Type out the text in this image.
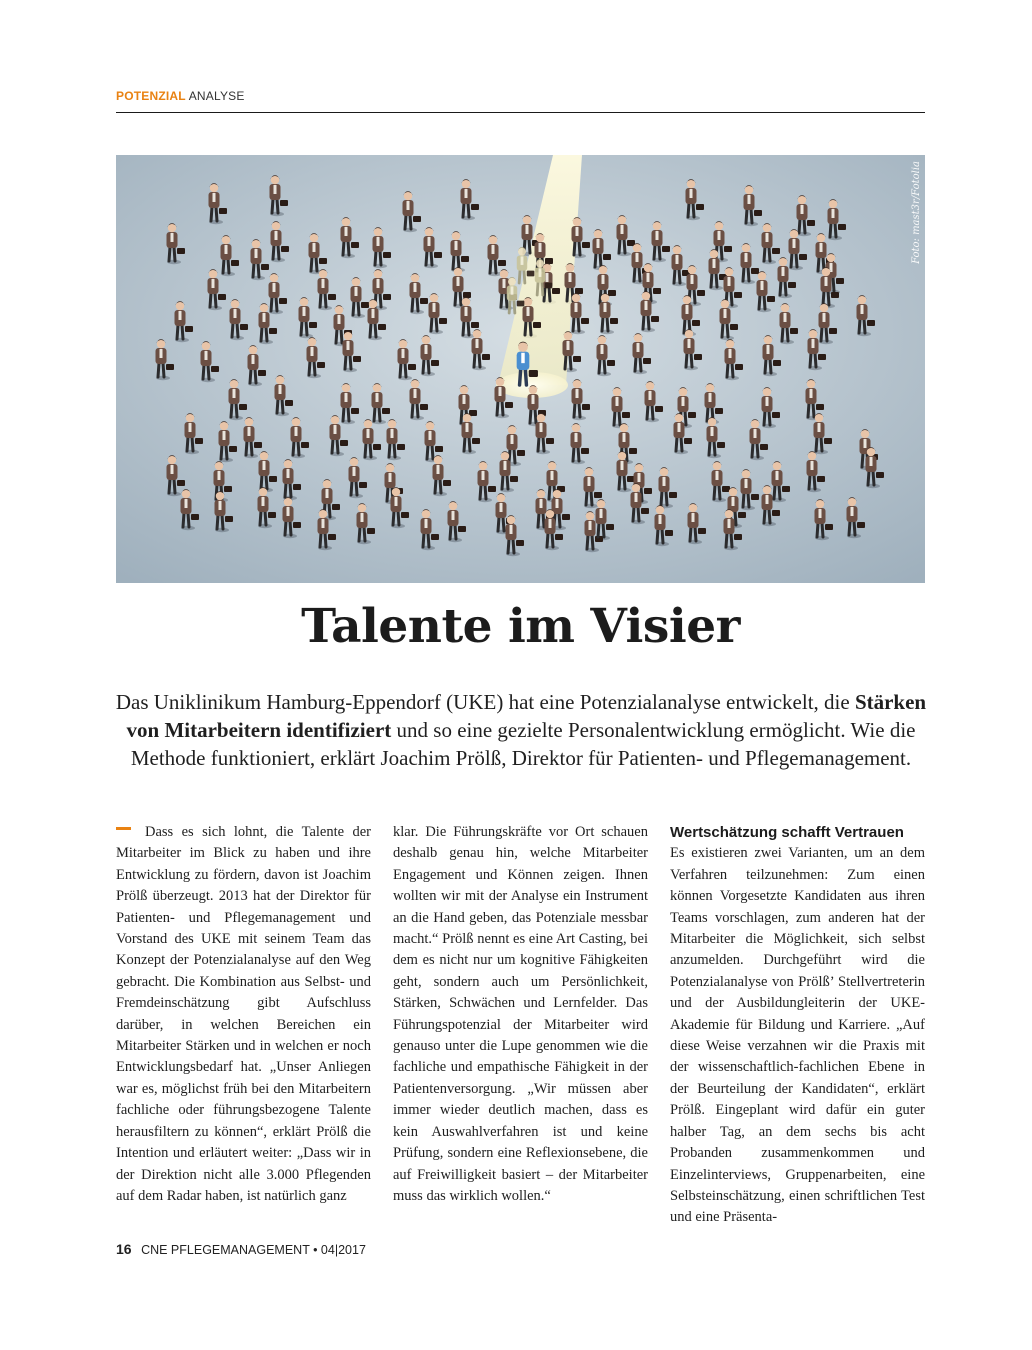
POTENZIAL ANALYSE
Foto: mast3r/Fotolia
Talente im Visier
Das Uniklinikum Hamburg-Eppendorf (UKE) hat eine Potenzialanalyse entwickelt, die Stärken von Mitarbeitern identifiziert und so eine gezielte Personalentwicklung ermöglicht. Wie die Methode funktioniert, erklärt Joachim Prölß, Direktor für Patienten- und Pflegemanagement.

Dass es sich lohnt, die Talente der Mitarbeiter im Blick zu haben und ihre Entwicklung zu fördern, davon ist Joachim Prölß überzeugt. 2013 hat der Direktor für Patienten- und Pflegemanagement und Vorstand des UKE mit seinem Team das Konzept der Potenzialanalyse auf den Weg gebracht. Die Kombination aus Selbst- und Fremdeinschätzung gibt Aufschluss darüber, in welchen Bereichen ein Mitarbeiter Stärken und in welchen er noch Entwicklungsbedarf hat. „Unser Anliegen war es, möglichst früh bei den Mitarbeitern fachliche oder führungsbezogene Talente herausfiltern zu können“, erklärt Prölß die Intention und erläutert weiter: „Dass wir in der Direktion nicht alle 3.000 Pflegenden auf dem Radar haben, ist natürlich ganz

klar. Die Führungskräfte vor Ort schauen deshalb genau hin, welche Mitarbeiter Engagement und Können zeigen. Ihnen wollten wir mit der Analyse ein Instrument an die Hand geben, das Potenziale messbar macht.“ Prölß nennt es eine Art Casting, bei dem es nicht nur um kognitive Fähigkeiten geht, sondern auch um Persönlichkeit, Stärken, Schwächen und Lernfelder. Das Führungspotenzial der Mitarbeiter wird genauso unter die Lupe genommen wie die fachliche und empathische Fähigkeit in der Patientenversorgung. „Wir müssen aber immer wieder deutlich machen, dass es kein Auswahlverfahren ist und keine Prüfung, sondern eine Reflexionsebene, die auf Freiwilligkeit basiert – der Mitarbeiter muss das wirklich wollen.“

Wertschätzung schafft Vertrauen

Es existieren zwei Varianten, um an dem Verfahren teilzunehmen: Zum einen können Vorgesetzte Kandidaten aus ihren Teams vorschlagen, zum anderen hat der Mitarbeiter die Möglichkeit, sich selbst anzumelden. Durchgeführt wird die Potenzialanalyse von Prölß’ Stellvertreterin und der Ausbildungleiterin der UKE-Akademie für Bildung und Karriere. „Auf diese Weise verzahnen wir die Praxis mit der wissenschaftlich-fachlichen Ebene in der Beurteilung der Kandidaten“, erklärt Prölß. Eingeplant wird dafür ein guter halber Tag, an dem sechs bis acht Probanden zusammenkommen und Einzelinterviews, Gruppenarbeiten, eine Selbsteinschätzung, einen schriftlichen Test und eine Präsenta-

16 CNE PFLEGEMANAGEMENT • 04|2017
